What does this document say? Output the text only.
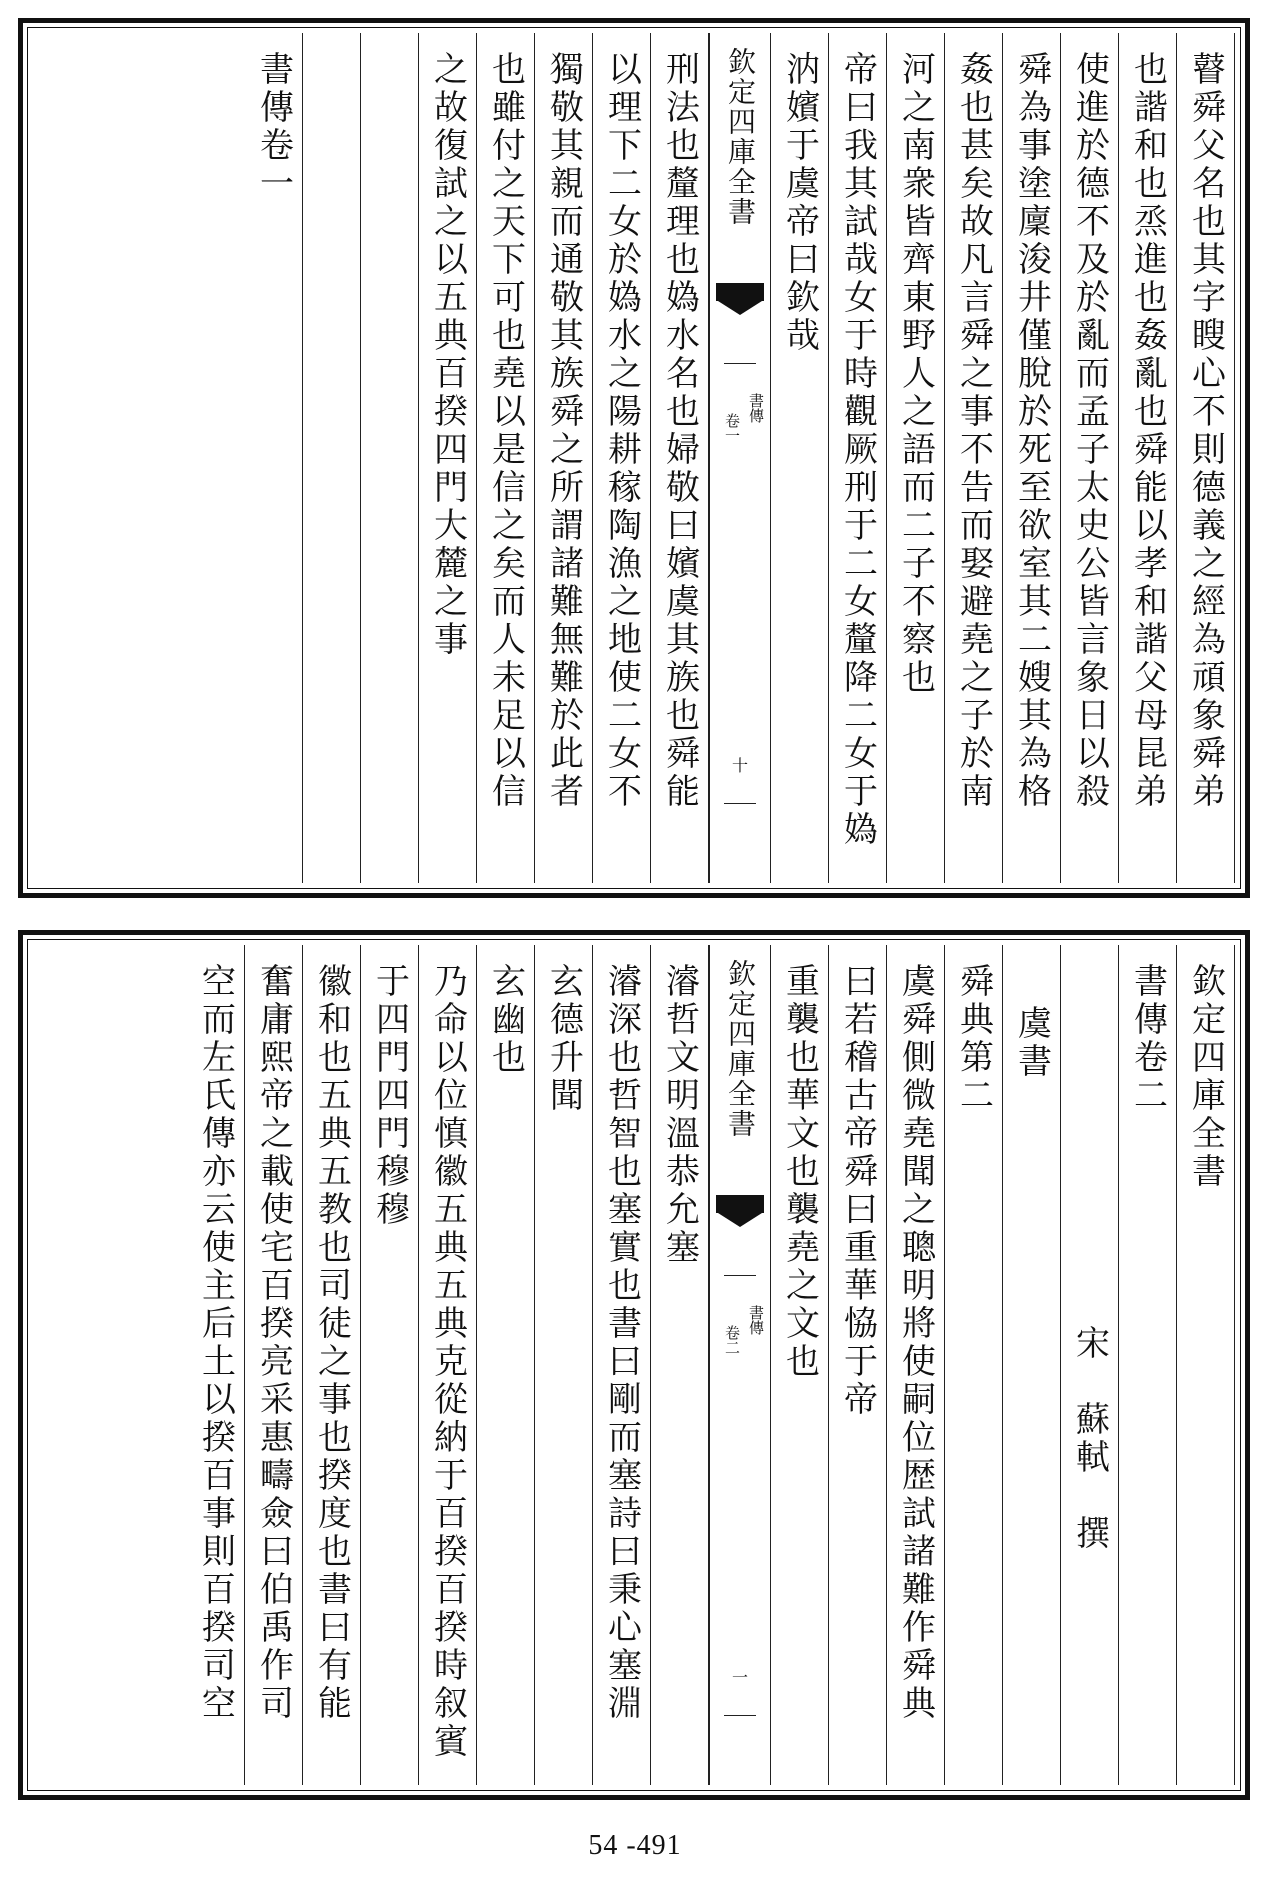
瞽舜父名也其字瞍心不則德義之經為頑象舜弟
也諧和也烝進也姦亂也舜能以孝和諧父母昆弟
使進於德不及於亂而孟子太史公皆言象日以殺
舜為事塗廩浚井僅脫於死至欲室其二嫂其為格
姦也甚矣故凡言舜之事不告而娶避堯之子於南
河之南衆皆齊東野人之語而二子不察也
帝曰我其試哉女于時觀厥刑于二女釐降二女于媯
汭嬪于虞帝曰欽哉
欽定四庫全書
書傳
卷一
十
刑法也釐理也媯水名也婦敬曰嬪虞其族也舜能
以理下二女於媯水之陽耕稼陶漁之地使二女不
獨敬其親而通敬其族舜之所謂諸難無難於此者
也雖付之天下可也堯以是信之矣而人未足以信
之故復試之以五典百揆四門大麓之事
書傳卷一
欽定四庫全書
書傳卷二
宋　蘇軾　撰
虞書
舜典第二
虞舜側微堯聞之聰明將使嗣位歴試諸難作舜典
曰若稽古帝舜曰重華恊于帝
重襲也華文也襲堯之文也
欽定四庫全書
書傳
卷二
一
濬哲文明溫恭允塞
濬深也哲智也塞實也書曰剛而塞詩曰秉心塞淵
玄德升聞
玄幽也
乃命以位慎徽五典五典克從納于百揆百揆時叙賓
于四門四門穆穆
徽和也五典五教也司徒之事也揆度也書曰有能
奮庸熙帝之載使宅百揆亮采惠疇僉曰伯禹作司
空而左氏傳亦云使主后土以揆百事則百揆司空
54 -491
